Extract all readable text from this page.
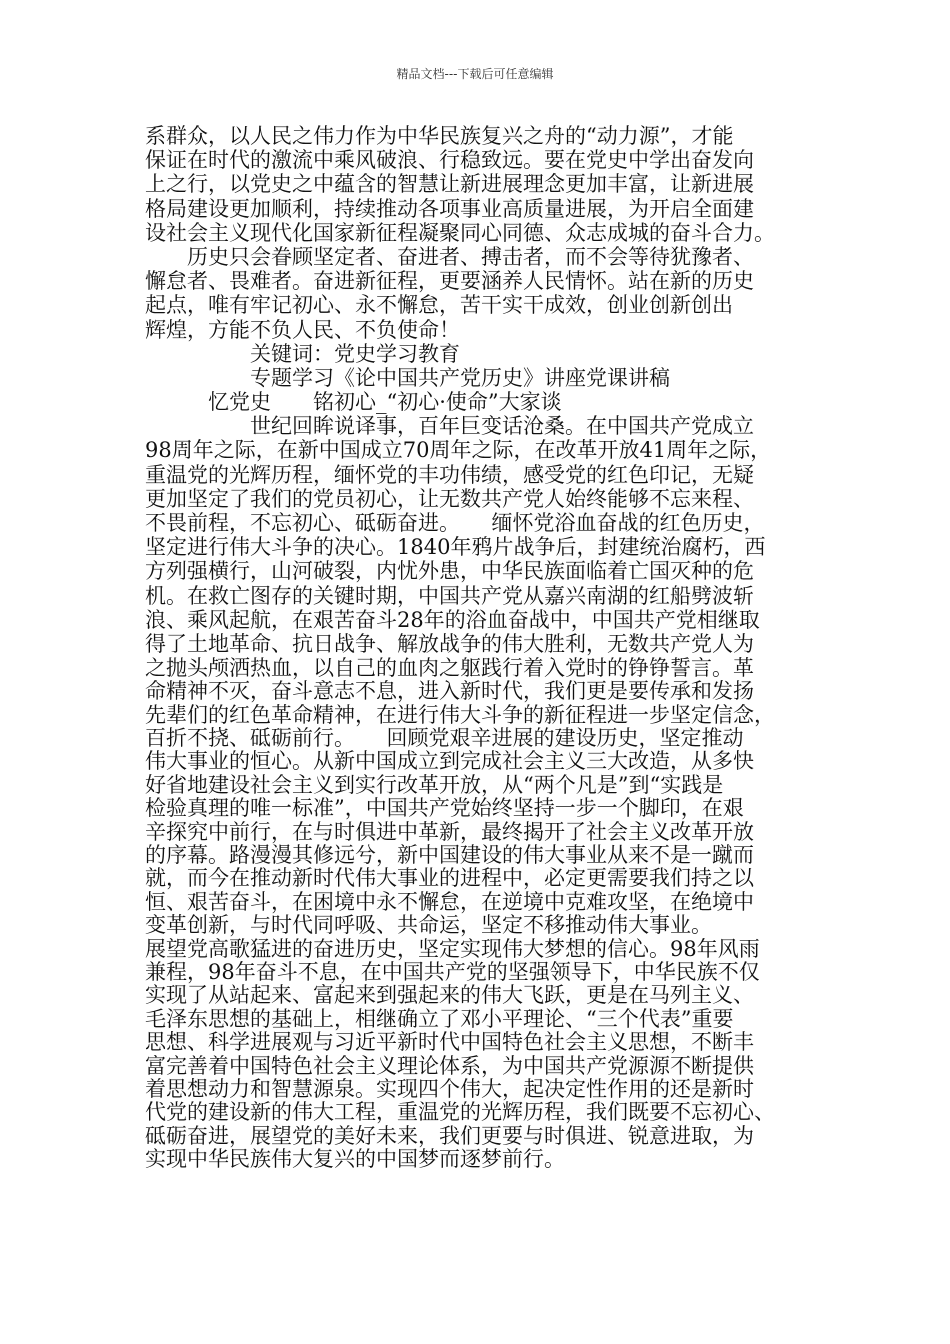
精品文档---下载后可任意编辑
系群众，以人民之伟力作为中华民族复兴之舟的“动力源”，才能
保证在时代的激流中乘风破浪、行稳致远。要在党史中学出奋发向
上之行，以党史之中蕴含的智慧让新进展理念更加丰富，让新进展
格局建设更加顺利，持续推动各项事业高质量进展，为开启全面建
设社会主义现代化国家新征程凝聚同心同德、众志成城的奋斗合力。
　　历史只会眷顾坚定者、奋进者、搏击者，而不会等待犹豫者、
懈怠者、畏难者。奋进新征程，更要涵养人民情怀。站在新的历史
起点，唯有牢记初心、永不懈怠，苦干实干成效，创业创新创出
辉煌，方能不负人民、不负使命！
　　　　　关键词：党史学习教育
　　　　　专题学习《论中国共产党历史》讲座党课讲稿
　　　忆党史　　铭初心_“初心·使命”大家谈
　　　　　世纪回眸说译事，百年巨变话沧桑。在中国共产党成立
98周年之际，在新中国成立70周年之际，在改革开放41周年之际，
重温党的光辉历程，缅怀党的丰功伟绩，感受党的红色印记，无疑
更加坚定了我们的党员初心，让无数共产党人始终能够不忘来程、
不畏前程，不忘初心、砥砺奋进。　　缅怀党浴血奋战的红色历史，
坚定进行伟大斗争的决心。1840年鸦片战争后，封建统治腐朽，西
方列强横行，山河破裂，内忧外患，中华民族面临着亡国灭种的危
机。在救亡图存的关键时期，中国共产党从嘉兴南湖的红船劈波斩
浪、乘风起航，在艰苦奋斗28年的浴血奋战中，中国共产党相继取
得了土地革命、抗日战争、解放战争的伟大胜利，无数共产党人为
之抛头颅洒热血，以自己的血肉之躯践行着入党时的铮铮誓言。革
命精神不灭，奋斗意志不息，进入新时代，我们更是要传承和发扬
先辈们的红色革命精神，在进行伟大斗争的新征程进一步坚定信念，
百折不挠、砥砺前行。　　回顾党艰辛进展的建设历史，坚定推动
伟大事业的恒心。从新中国成立到完成社会主义三大改造，从多快
好省地建设社会主义到实行改革开放，从“两个凡是”到“实践是
检验真理的唯一标准”，中国共产党始终坚持一步一个脚印，在艰
辛探究中前行，在与时俱进中革新，最终揭开了社会主义改革开放
的序幕。路漫漫其修远兮，新中国建设的伟大事业从来不是一蹴而
就，而今在推动新时代伟大事业的进程中，必定更需要我们持之以
恒、艰苦奋斗，在困境中永不懈怠，在逆境中克难攻坚，在绝境中
变革创新，与时代同呼吸、共命运，坚定不移推动伟大事业。
展望党高歌猛进的奋进历史，坚定实现伟大梦想的信心。98年风雨
兼程，98年奋斗不息，在中国共产党的坚强领导下，中华民族不仅
实现了从站起来、富起来到强起来的伟大飞跃，更是在马列主义、
毛泽东思想的基础上，相继确立了邓小平理论、“三个代表”重要
思想、科学进展观与习近平新时代中国特色社会主义思想，不断丰
富完善着中国特色社会主义理论体系，为中国共产党源源不断提供
着思想动力和智慧源泉。实现四个伟大，起决定性作用的还是新时
代党的建设新的伟大工程，重温党的光辉历程，我们既要不忘初心、
砥砺奋进，展望党的美好未来，我们更要与时俱进、锐意进取，为
实现中华民族伟大复兴的中国梦而逐梦前行。
